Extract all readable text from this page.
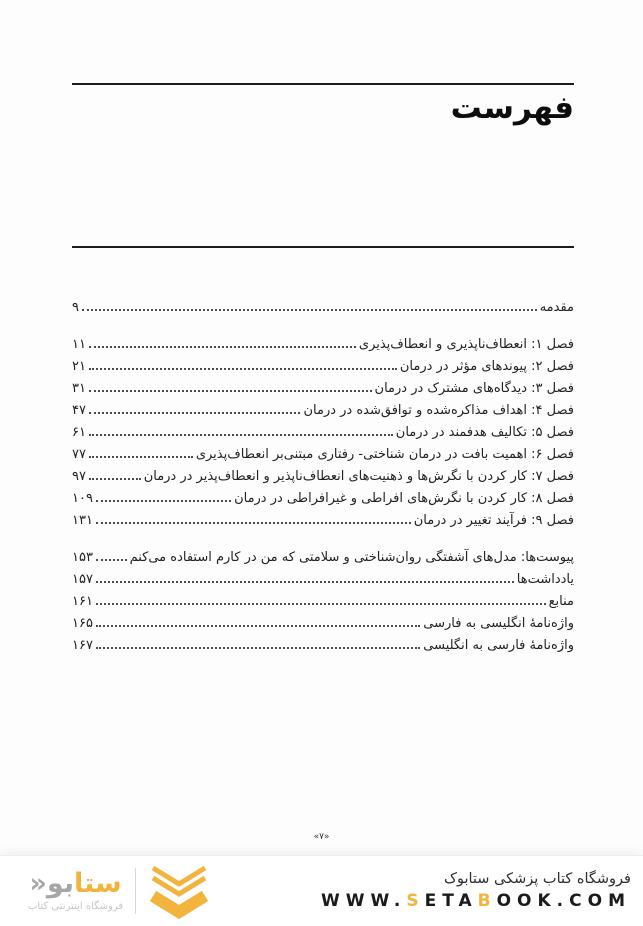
فهرست
مقدمه
۹
فصل ۱: انعطاف‌ناپذیری و انعطاف‌پذیری
۱۱
فصل ۲: پیوندهای مؤثر در درمان
۲۱
فصل ۳: دیدگاه‌های مشترک در درمان
۳۱
فصل ۴: اهداف مذاکره‌شده و توافق‌شده در درمان
۴۷
فصل ۵: تکالیف هدفمند در درمان
۶۱
فصل ۶: اهمیت بافت در درمان شناختی- رفتاری مبتنی‌بر انعطاف‌پذیری
۷۷
فصل ۷: کار کردن با نگرش‌ها و ذهنیت‌های انعطاف‌ناپذیر و انعطاف‌پذیر در درمان
۹۷
فصل ۸: کار کردن با نگرش‌های افراطی و غیرافراطی در درمان
۱۰۹
فصل ۹: فرآیند تغییر در درمان
۱۳۱
پیوست‌ها: مدل‌های آشفتگی روان‌شناختی و سلامتی که من در کارم استفاده می‌کنم
۱۵۳
یادداشت‌ها
۱۵۷
منابع
۱۶۱
واژه‌نامهٔ انگلیسی به فارسی
۱۶۵
واژه‌نامهٔ فارسی به انگلیسی
۱۶۷
«۷»
ستابو«
فروشگاه اینترنتی کتاب
فروشگاه کتاب پزشکی ستابوک
WWW.SETABOOK.COM
